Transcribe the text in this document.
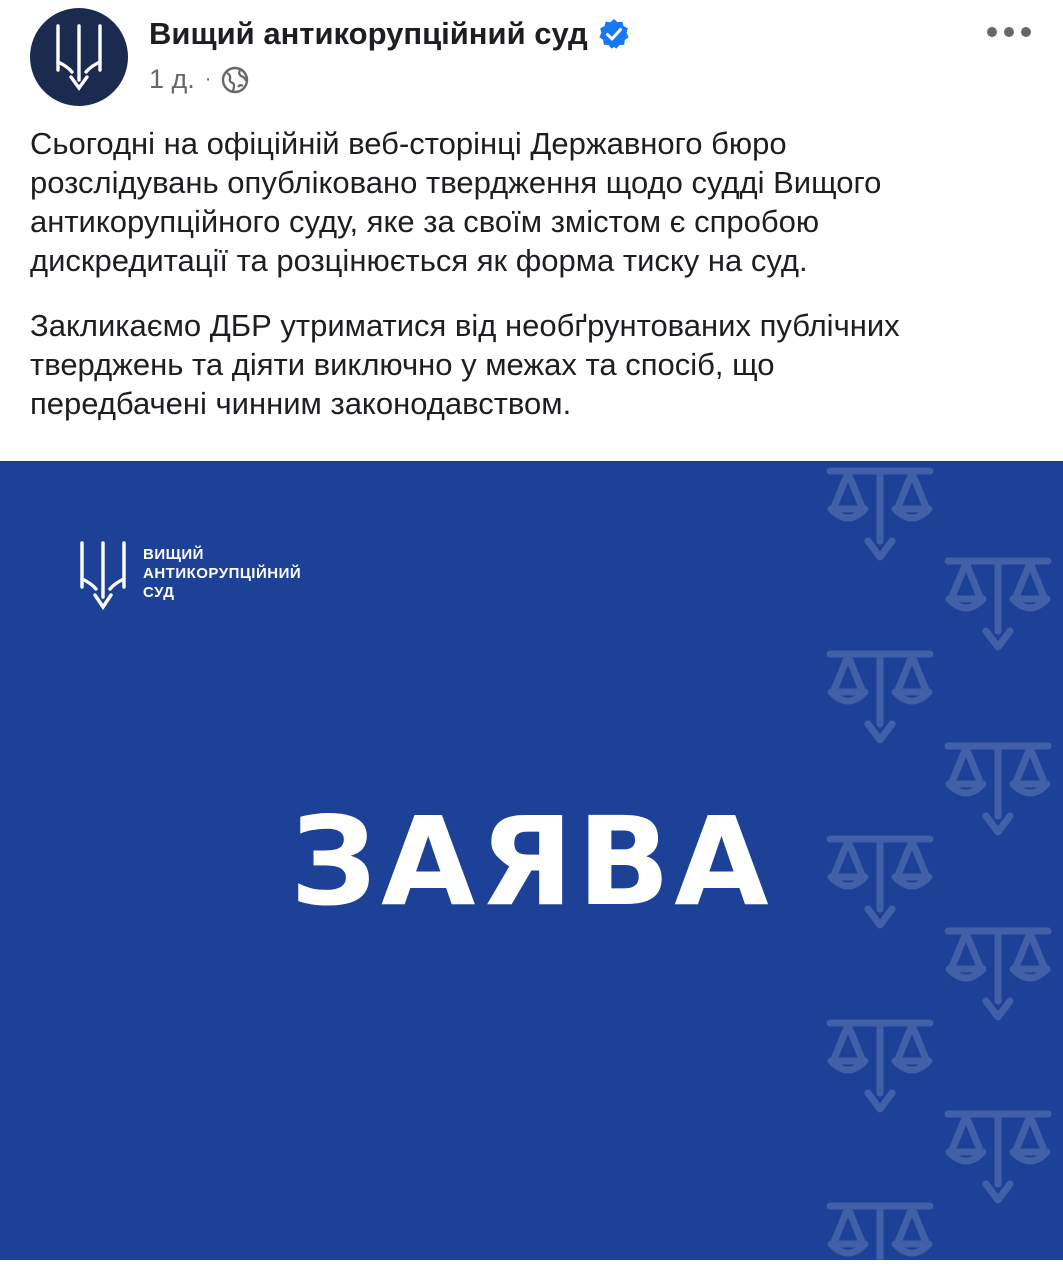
Вищий антикорупційний суд
1 д. ·

Сьогодні на офіційній веб-сторінці Державного бюро
розслідувань опубліковано твердження щодо судді Вищого
антикорупційного суду, яке за своїм змістом є спробою
дискредитації та розцінюється як форма тиску на суд.

Закликаємо ДБР утриматися від необґрунтованих публічних
тверджень та діяти виключно у межах та спосіб, що
передбачені чинним законодавством.

ВИЩИЙ
АНТИКОРУПЦІЙНИЙ
СУД
ЗАЯВА
